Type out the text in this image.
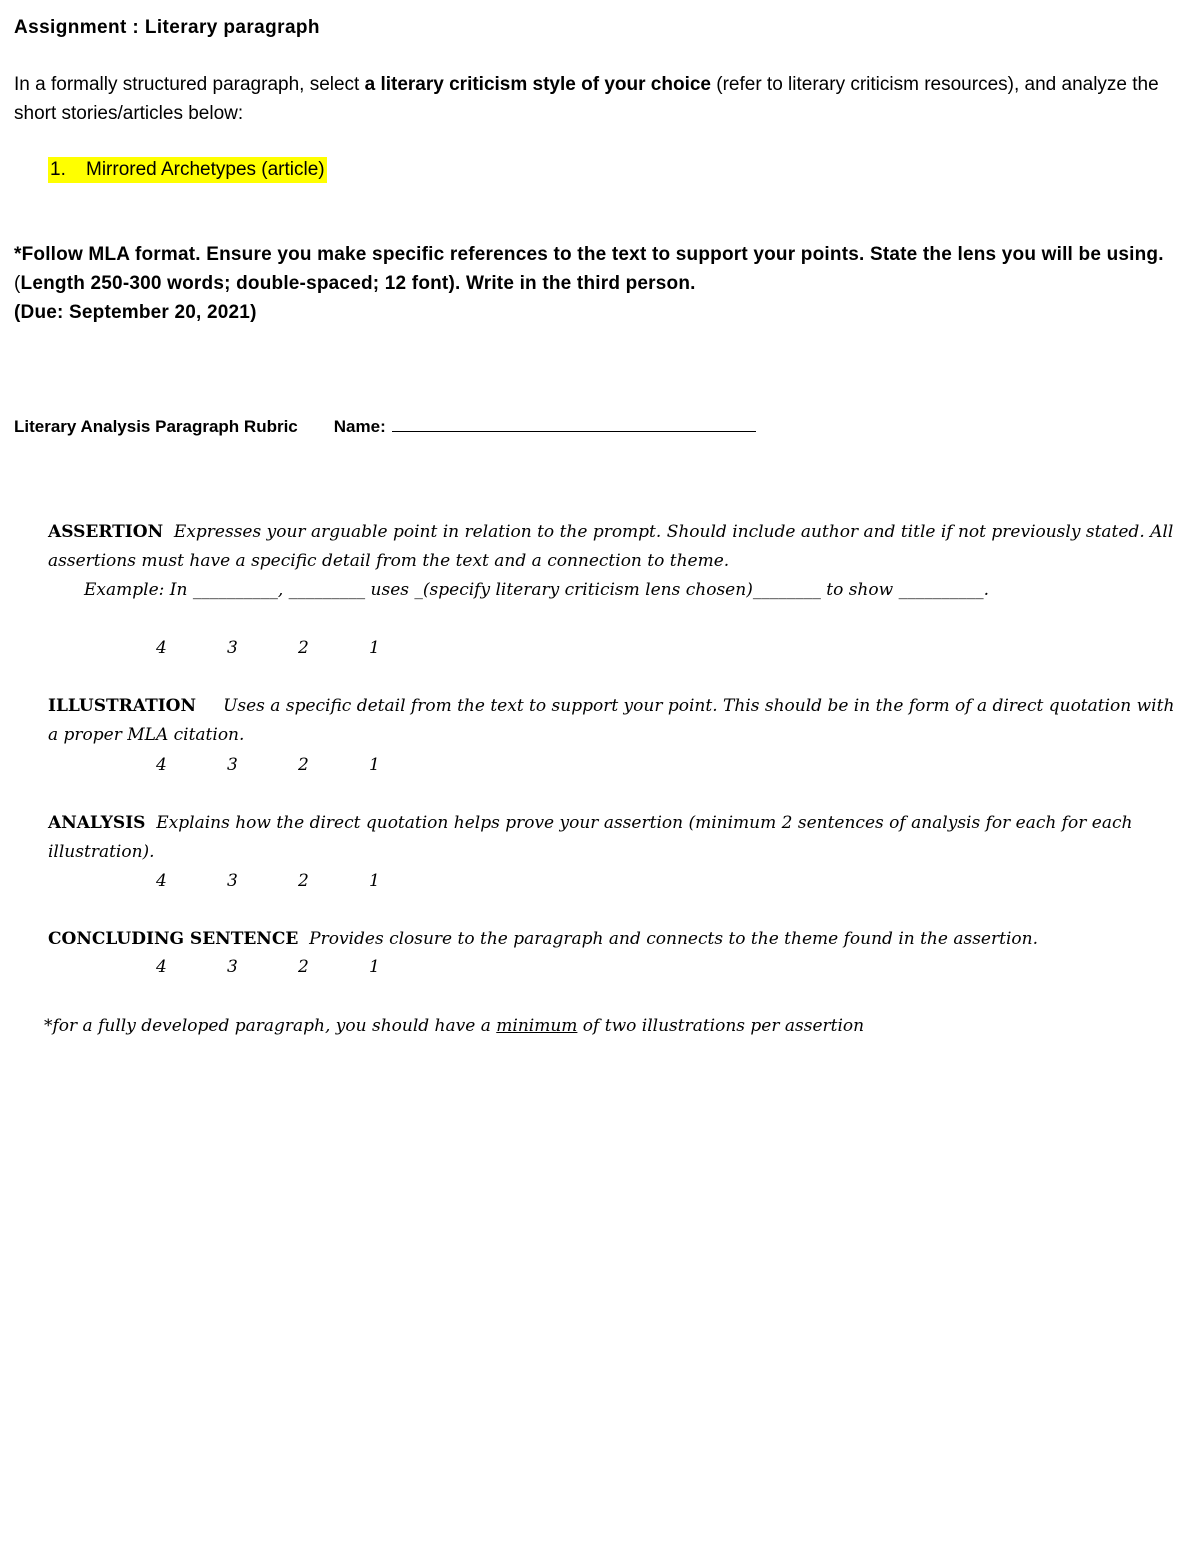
Assignment : Literary paragraph
In a formally structured paragraph, select a literary criticism style of your choice (refer to literary criticism resources), and analyze the short stories/articles below:
1. Mirrored Archetypes (article)
*Follow MLA format. Ensure you make specific references to the text to support your points. State the lens you will be using.
(Length 250-300 words; double-spaced; 12 font). Write in the third person.
(Due: September 20, 2021)
Literary Analysis Paragraph Rubric Name:
ASSERTION Expresses your arguable point in relation to the prompt. Should include author and title if not previously stated. All assertions must have a specific detail from the text and a connection to theme.
Example: In __________, _________ uses _(specify literary criticism lens chosen)________ to show __________.
4	3	2	1
ILLUSTRATION Uses a specific detail from the text to support your point. This should be in the form of a direct quotation with a proper MLA citation.
4	3	2	1
ANALYSIS Explains how the direct quotation helps prove your assertion (minimum 2 sentences of analysis for each for each illustration).
4	3	2	1
CONCLUDING SENTENCE Provides closure to the paragraph and connects to the theme found in the assertion.
4	3	2	1
*for a fully developed paragraph, you should have a minimum of two illustrations per assertion
